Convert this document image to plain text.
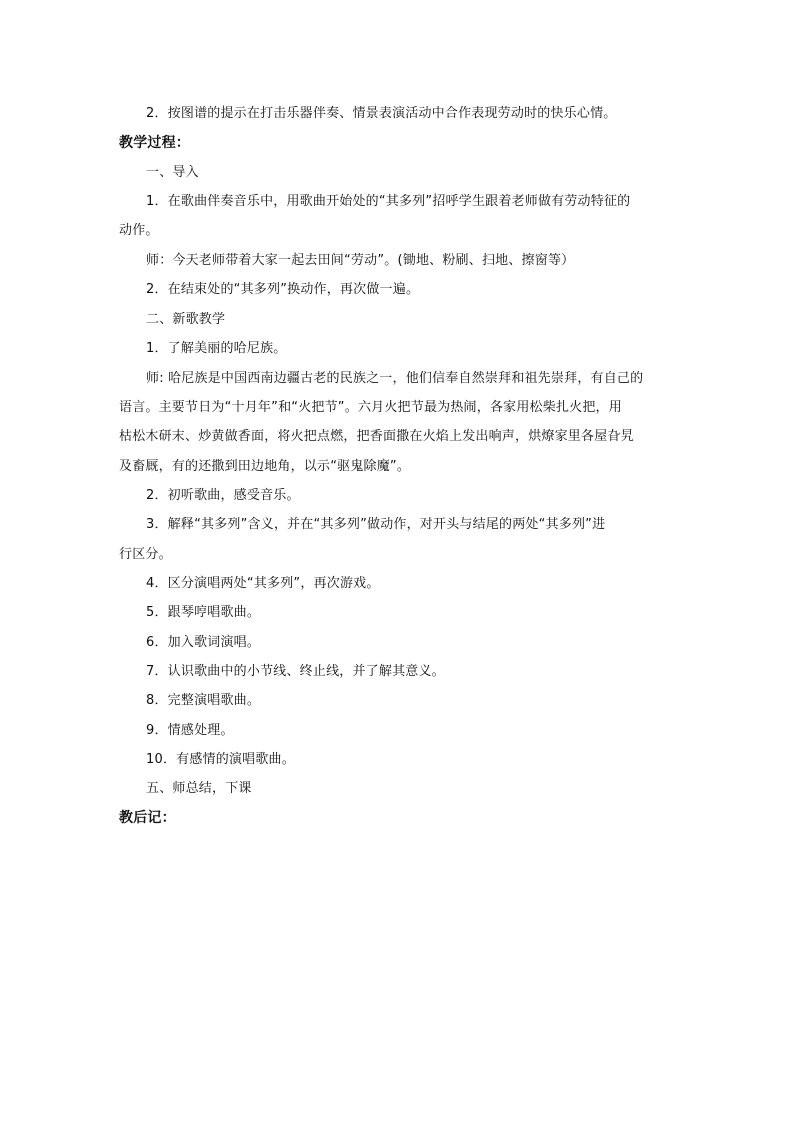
2．按图谱的提示在打击乐器伴奏、情景表演活动中合作表现劳动时的快乐心情。
教学过程：
一、导入
1．在歌曲伴奏音乐中，用歌曲开始处的“其多列”招呼学生跟着老师做有劳动特征的
动作。
师：今天老师带着大家一起去田间“劳动”。(锄地、粉刷、扫地、擦窗等）
2．在结束处的“其多列”换动作，再次做一遍。
二、新歌教学
1．了解美丽的哈尼族。
师: 哈尼族是中国西南边疆古老的民族之一，他们信奉自然崇拜和祖先崇拜，有自己的
语言。主要节日为“十月年”和“火把节”。六月火把节最为热闹，各家用松柴扎火把，用
枯松木研末、炒黄做香面，将火把点燃，把香面撒在火焰上发出响声，烘燎家里各屋旮旯
及畜厩，有的还撒到田边地角，以示“驱鬼除魔”。
2．初听歌曲，感受音乐。
3．解释“其多列”含义，并在“其多列”做动作，对开头与结尾的两处“其多列”进
行区分。
4．区分演唱两处“其多列”，再次游戏。
5．跟琴哼唱歌曲。
6．加入歌词演唱。
7．认识歌曲中的小节线、终止线，并了解其意义。
8．完整演唱歌曲。
9．情感处理。
10．有感情的演唱歌曲。
五、师总结，下课
教后记：
